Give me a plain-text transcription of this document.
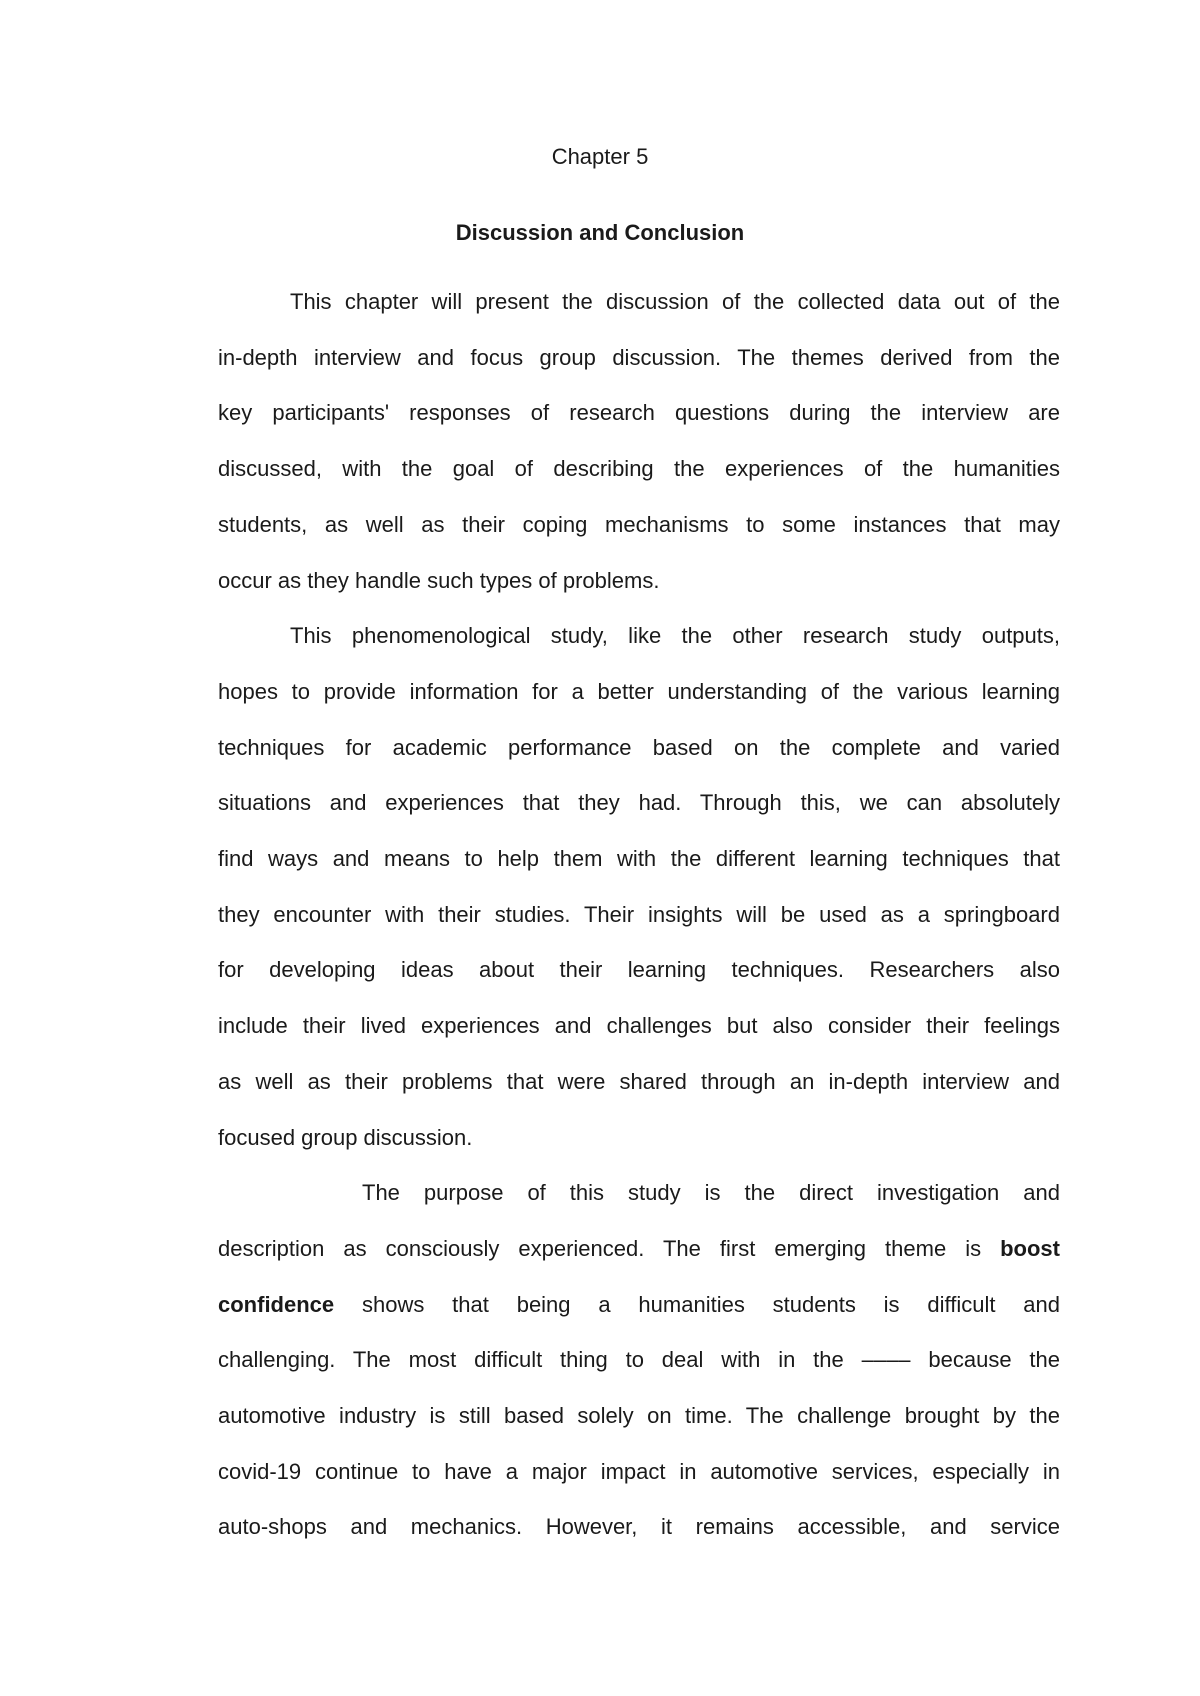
Chapter 5
Discussion and Conclusion
This chapter will present the discussion of the collected data out of the
in-depth interview and focus group discussion. The themes derived from the
key participants' responses of research questions during the interview are
discussed, with the goal of describing the experiences of the humanities
students, as well as their coping mechanisms to some instances that may
occur as they handle such types of problems.
This phenomenological study, like the other research study outputs,
hopes to provide information for a better understanding of the various learning
techniques for academic performance based on the complete and varied
situations and experiences that they had. Through this, we can absolutely
find ways and means to help them with the different learning techniques that
they encounter with their studies. Their insights will be used as a springboard
for developing ideas about their learning techniques. Researchers also
include their lived experiences and challenges but also consider their feelings
as well as their problems that were shared through an in-depth interview and
focused group discussion.
The purpose of this study is the direct investigation and
description as consciously experienced. The first emerging theme is boost
confidence shows that being a humanities students is difficult and
challenging. The most difficult thing to deal with in the –––– because the
automotive industry is still based solely on time. The challenge brought by the
covid-19 continue to have a major impact in automotive services, especially in
auto-shops and mechanics. However, it remains accessible, and service
